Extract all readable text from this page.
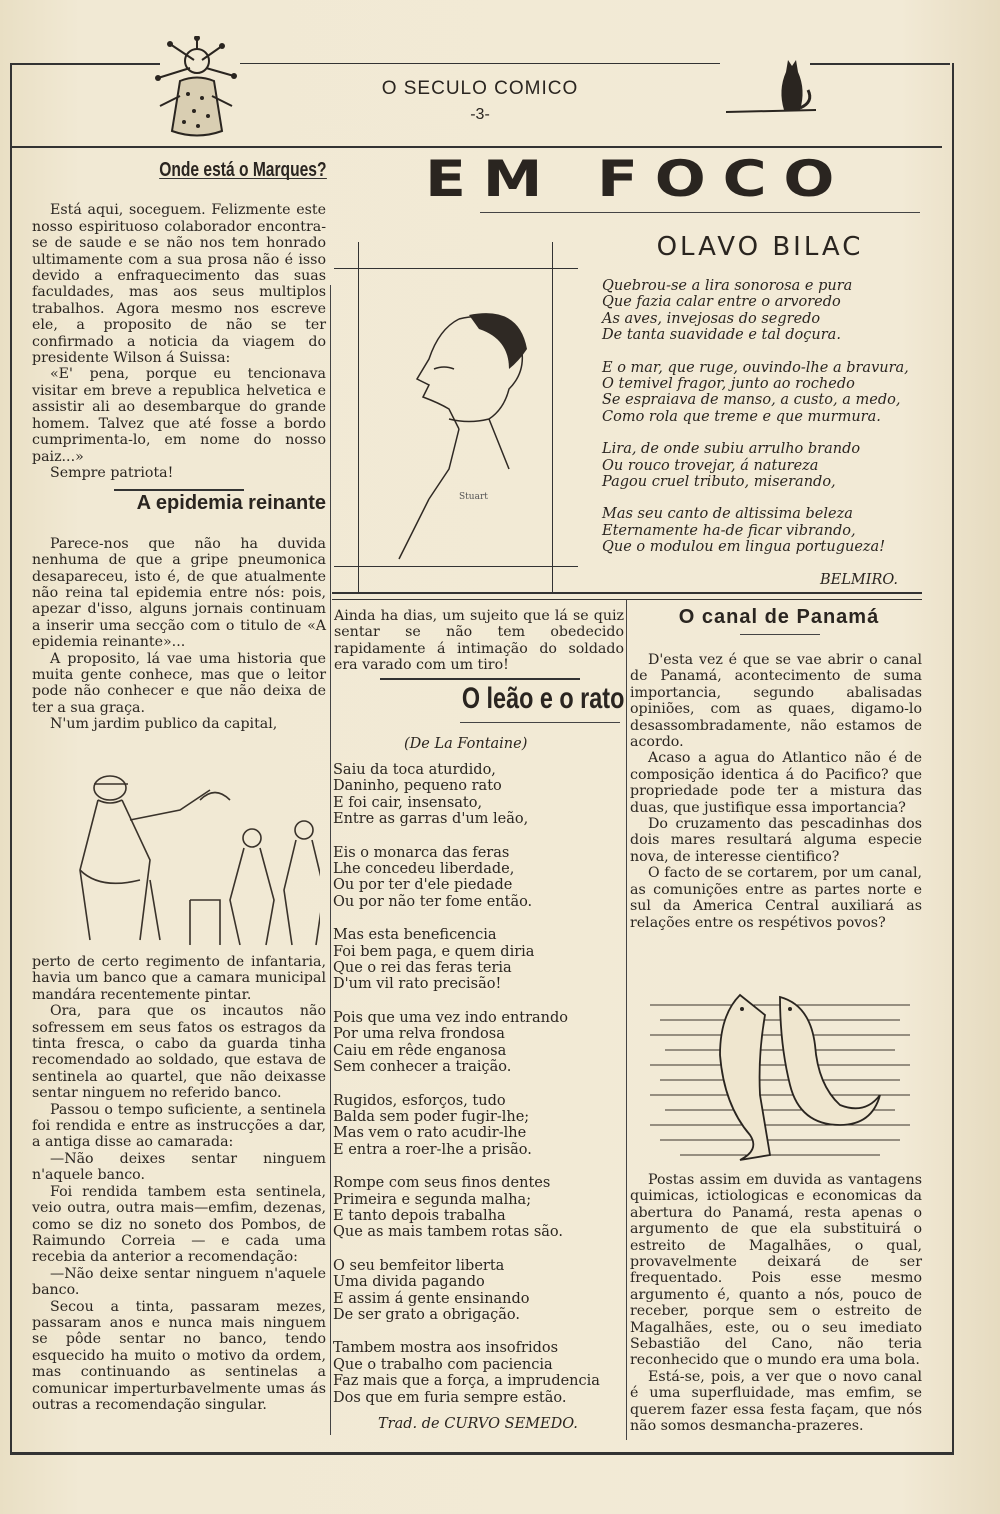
O SECULO COMICO
-3-
Onde está o Marques?

Está aqui, soceguem. Felizmente este nosso espirituoso colaborador encontra-se de saude e se não nos tem honrado ultimamente com a sua prosa não é isso devido a enfraquecimento das suas faculdades, mas aos seus multiplos trabalhos. Agora mesmo nos escreve ele, a proposito de não se ter confirmado a noticia da viagem do presidente Wilson á Suissa:

«E' pena, porque eu tencionava visitar em breve a republica helvetica e assistir ali ao desembarque do grande homem. Talvez que até fosse a bordo cumprimenta-lo, em nome do nosso paiz...»

Sempre patriota!

A epidemia reinante

Parece-nos que não ha duvida nenhuma de que a gripe pneumonica desapareceu, isto é, de que atualmente não reina tal epidemia entre nós: pois, apezar d'isso, alguns jornais continuam a inserir uma secção com o titulo de «A epidemia reinante»...

A proposito, lá vae uma historia que muita gente conhece, mas que o leitor pode não conhecer e que não deixa de ter a sua graça.

N'um jardim publico da capital,

perto de certo regimento de infantaria, havia um banco que a camara municipal mandára recentemente pintar.

Ora, para que os incautos não sofressem em seus fatos os estragos da tinta fresca, o cabo da guarda tinha recomendado ao soldado, que estava de sentinela ao quartel, que não deixasse sentar ninguem no referido banco.

Passou o tempo suficiente, a sentinela foi rendida e entre as instrucções a dar, a antiga disse ao camarada:

—Não deixes sentar ninguem n'aquele banco.

Foi rendida tambem esta sentinela, veio outra, outra mais—emfim, dezenas, como se diz no soneto dos Pombos, de Raimundo Correia — e cada uma recebia da anterior a recomendação:

—Não deixe sentar ninguem n'aquele banco.

Secou a tinta, passaram mezes, passaram anos e nunca mais ninguem se pôde sentar no banco, tendo esquecido ha muito o motivo da ordem, mas continuando as sentinelas a comunicar imperturbavelmente umas ás outras a recomendação singular.

EM FOCO
Stuart
OLAVO BILAC
Quebrou-se a lira sonorosa e pura
Que fazia calar entre o arvoredo
As aves, invejosas do segredo
De tanta suavidade e tal doçura.
E o mar, que ruge, ouvindo-lhe a bravura,
O temivel fragor, junto ao rochedo
Se espraiava de manso, a custo, a medo,
Como rola que treme e que murmura.
Lira, de onde subiu arrulho brando
Ou rouco trovejar, á natureza
Pagou cruel tributo, miserando,
Mas seu canto de altissima beleza
Eternamente ha-de ficar vibrando,
Que o modulou em lingua portugueza!
BELMIRO.
Ainda ha dias, um sujeito que lá se quiz sentar se não tem obedecido rapidamente á intimação do soldado era varado com um tiro!
O leão e o rato
(De La Fontaine)
Saiu da toca aturdido,
Daninho, pequeno rato
E foi cair, insensato,
Entre as garras d'um leão,
Eis o monarca das feras
Lhe concedeu liberdade,
Ou por ter d'ele piedade
Ou por não ter fome então.
Mas esta beneficencia
Foi bem paga, e quem diria
Que o rei das feras teria
D'um vil rato precisão!
Pois que uma vez indo entrando
Por uma relva frondosa
Caiu em rêde enganosa
Sem conhecer a traição.
Rugidos, esforços, tudo
Balda sem poder fugir-lhe;
Mas vem o rato acudir-lhe
E entra a roer-lhe a prisão.
Rompe com seus finos dentes
Primeira e segunda malha;
E tanto depois trabalha
Que as mais tambem rotas são.
O seu bemfeitor liberta
Uma divida pagando
E assim á gente ensinando
De ser grato a obrigação.
Tambem mostra aos insofridos
Que o trabalho com paciencia
Faz mais que a força, a imprudencia
Dos que em furia sempre estão.
Trad. de CURVO SEMEDO.
O canal de Panamá

D'esta vez é que se vae abrir o canal de Panamá, acontecimento de suma importancia, segundo abalisadas opiniões, com as quaes, digamo-lo desassombradamente, não estamos de acordo.

Acaso a agua do Atlantico não é de composição identica á do Pacifico? que propriedade pode ter a mistura das duas, que justifique essa importancia?

Do cruzamento das pescadinhas dos dois mares resultará alguma especie nova, de interesse cientifico?

O facto de se cortarem, por um canal, as comunições entre as partes norte e sul da America Central auxiliará as relações entre os respétivos povos?

Postas assim em duvida as vantagens quimicas, ictiologicas e economicas da abertura do Panamá, resta apenas o argumento de que ela substituirá o estreito de Magalhães, o qual, provavelmente deixará de ser frequentado. Pois esse mesmo argumento é, quanto a nós, pouco de receber, porque sem o estreito de Magalhães, este, ou o seu imediato Sebastião del Cano, não teria reconhecido que o mundo era uma bola.

Está-se, pois, a ver que o novo canal é uma superfluidade, mas emfim, se querem fazer essa festa façam, que nós não somos desmancha-prazeres.
